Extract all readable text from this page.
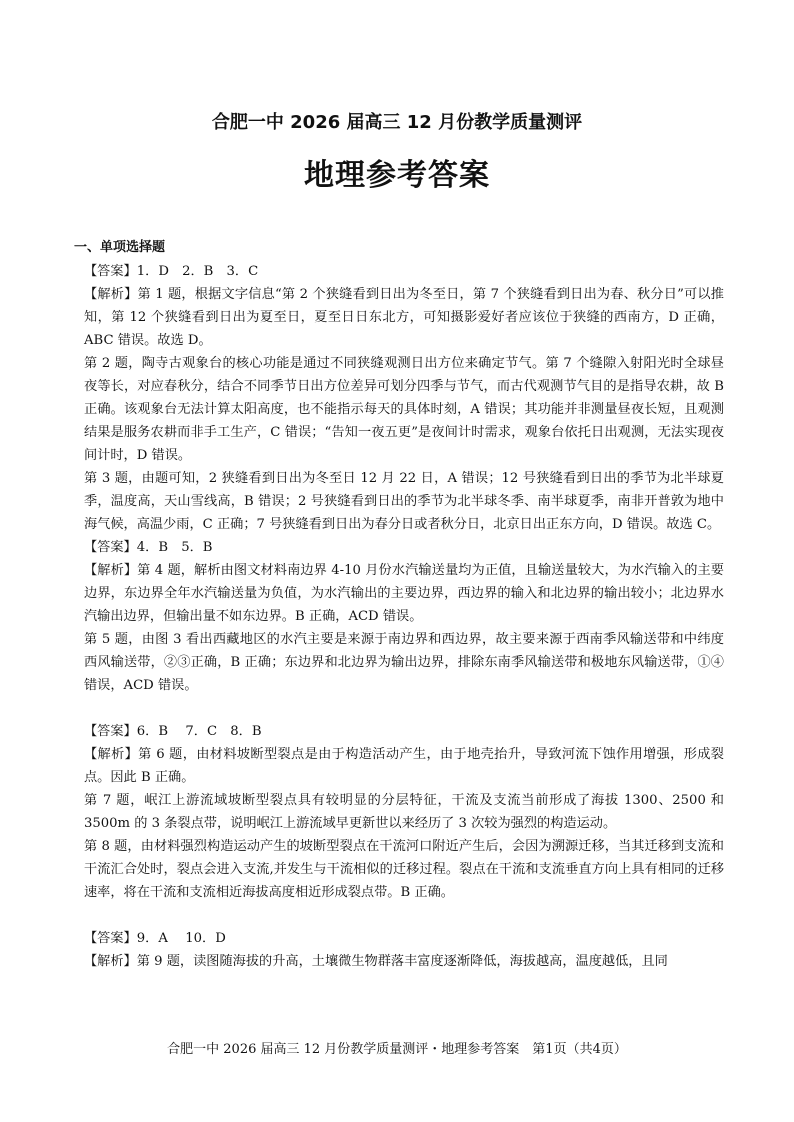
合肥一中 2026 届高三 12 月份教学质量测评
地理参考答案
一、单项选择题

【答案】1．D　2．B　3．C

【解析】第 1 题，根据文字信息“第 2 个狭缝看到日出为冬至日，第 7 个狭缝看到日出为春、秋分日”可以推知，第 12 个狭缝看到日出为夏至日，夏至日日东北方，可知摄影爱好者应该位于狭缝的西南方，D 正确，ABC 错误。故选 D。

第 2 题，陶寺古观象台的核心功能是通过不同狭缝观测日出方位来确定节气。第 7 个缝隙入射阳光时全球昼夜等长，对应春秋分，结合不同季节日出方位差异可划分四季与节气，而古代观测节气目的是指导农耕，故 B 正确。该观象台无法计算太阳高度，也不能指示每天的具体时刻，A 错误；其功能并非测量昼夜长短，且观测结果是服务农耕而非手工生产，C 错误；“告知一夜五更”是夜间计时需求，观象台依托日出观测，无法实现夜间计时，D 错误。

第 3 题，由题可知，2 狭缝看到日出为冬至日 12 月 22 日，A 错误；12 号狭缝看到日出的季节为北半球夏季，温度高，天山雪线高，B 错误；2 号狭缝看到日出的季节为北半球冬季、南半球夏季，南非开普敦为地中海气候，高温少雨，C 正确；7 号狭缝看到日出为春分日或者秋分日，北京日出正东方向，D 错误。故选 C。

【答案】4．B　5．B

【解析】第 4 题，解析由图文材料南边界 4-10 月份水汽输送量均为正值，且输送量较大，为水汽输入的主要边界，东边界全年水汽输送量为负值，为水汽输出的主要边界，西边界的输入和北边界的输出较小；北边界水汽输出边界，但输出量不如东边界。B 正确，ACD 错误。

第 5 题，由图 3 看出西藏地区的水汽主要是来源于南边界和西边界，故主要来源于西南季风输送带和中纬度西风输送带，②③正确，B 正确；东边界和北边界为输出边界，排除东南季风输送带和极地东风输送带，①④错误，ACD 错误。

【答案】6．B　 7．C　8．B

【解析】第 6 题，由材料坡断型裂点是由于构造活动产生，由于地壳抬升，导致河流下蚀作用增强，形成裂点。因此 B 正确。

第 7 题，岷江上游流域坡断型裂点具有较明显的分层特征，干流及支流当前形成了海拔 1300、2500 和 3500m 的 3 条裂点带，说明岷江上游流域早更新世以来经历了 3 次较为强烈的构造运动。

第 8 题，由材料强烈构造运动产生的坡断型裂点在干流河口附近产生后，会因为溯源迁移，当其迁移到支流和干流汇合处时，裂点会进入支流,并发生与干流相似的迁移过程。裂点在干流和支流垂直方向上具有相同的迁移速率，将在干流和支流相近海拔高度相近形成裂点带。B 正确。

【答案】9．A　 10．D

【解析】第 9 题，读图随海拔的升高，土壤微生物群落丰富度逐渐降低，海拔越高，温度越低，且同

合肥一中 2026 届高三 12 月份教学质量测评・地理参考答案　第1页（共4页）
